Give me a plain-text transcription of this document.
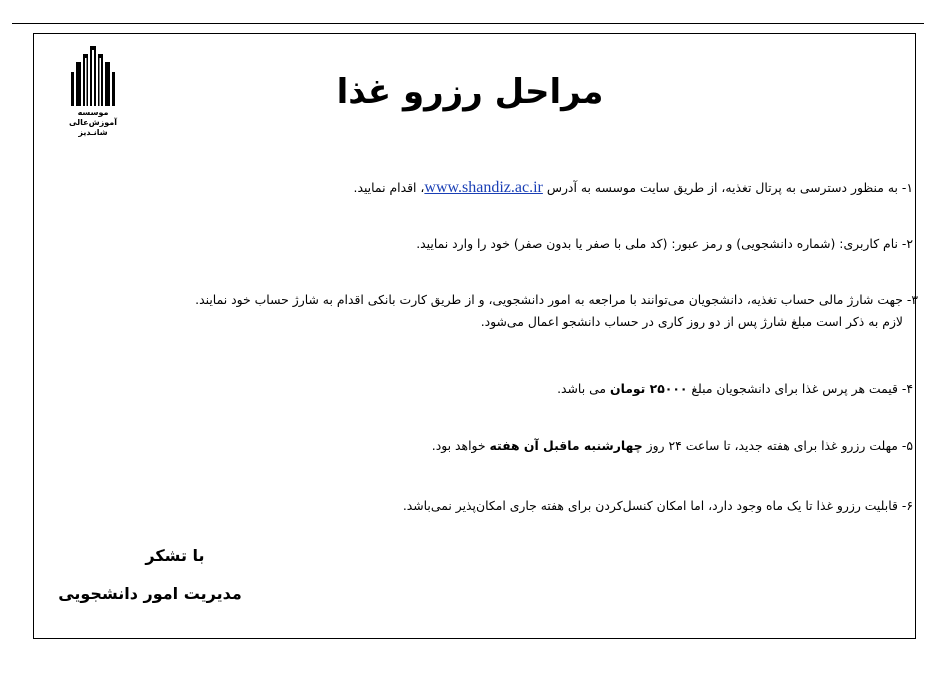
موسسه
آموزش‌عالی
شانـدیز
مراحل رزرو غذا
۱- به منظور دسترسی به پرتال تغذیه، از طریق سایت موسسه به آدرس www.shandiz.ac.ir، اقدام نمایید.
۲- نام کاربری: (شماره دانشجویی) و رمز عبور: (کد ملی با صفر یا بدون صفر) خود را وارد نمایید.
۳- جهت شارژ مالی حساب تغذیه، دانشجویان می‌توانند با مراجعه به امور دانشجویی، و از طریق کارت بانکی اقدام به شارژ حساب خود نمایند.
لازم به ذکر است مبلغ شارژ پس از دو روز کاری در حساب دانشجو اعمال می‌شود.
۴- قیمت هر پرس غذا برای دانشجویان مبلغ ۲۵۰۰۰ تومان می باشد.
۵- مهلت رزرو غذا برای هفته جدید، تا ساعت ۲۴ روز چهارشنبه ماقبل آن هفته خواهد بود.
۶- قابلیت رزرو غذا تا یک ماه وجود دارد، اما امکان کنسل‌کردن برای هفته جاری امکان‌پذیر نمی‌باشد.
با تشکر
مدیریت امور دانشجویی
